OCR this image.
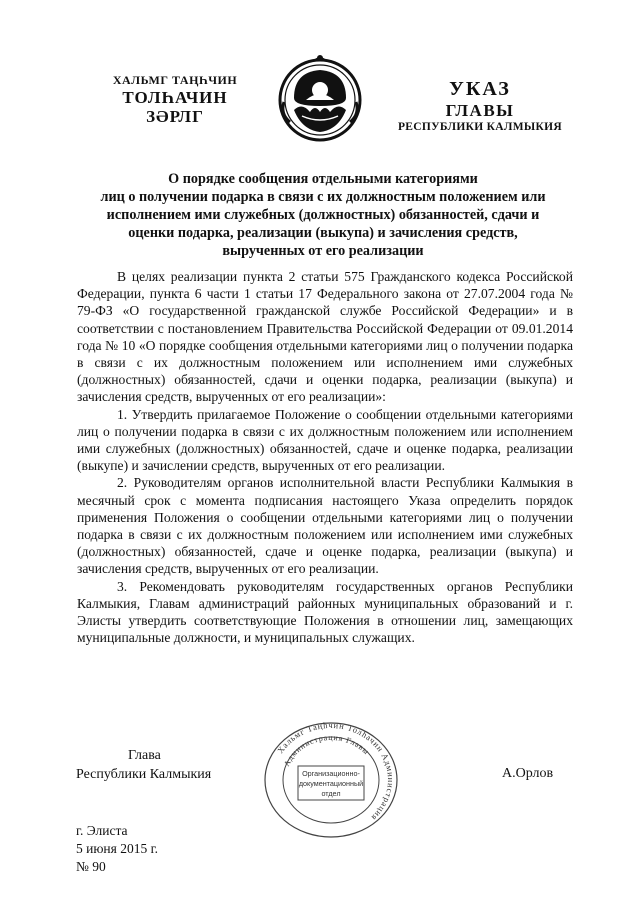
ХАЛЬМГ ТАҢҺЧИН
ТОЛҺАЧИН
ЗӘРЛГ
УКАЗ
ГЛАВЫ
РЕСПУБЛИКИ КАЛМЫКИЯ
О порядке сообщения отдельными категориями
лиц о получении подарка в связи с их должностным положением или
исполнением ими служебных (должностных) обязанностей, сдачи и
оценки подарка, реализации (выкупа) и зачисления средств,
вырученных от его реализации

В целях реализации пункта 2 статьи 575 Гражданского кодекса Российской Федерации, пункта 6 части 1 статьи 17 Федерального закона от 27.07.2004 года № 79-ФЗ «О государственной гражданской службе Российской Федерации» и в соответствии с постановлением Правительства Российской Федерации от 09.01.2014 года № 10 «О порядке сообщения отдельными категориями лиц о получении подарка в связи с их должностным положением или исполнением ими служебных (должностных) обязанностей, сдачи и оценки подарка, реализации (выкупа) и зачисления средств, вырученных от его реализации»:

1. Утвердить прилагаемое Положение о сообщении отдельными категориями лиц о получении подарка в связи с их должностным положением или исполнением ими служебных (должностных) обязанностей, сдаче и оценке подарка, реализации (выкупе) и зачислении средств, вырученных от его реализации.

2. Руководителям органов исполнительной власти Республики Калмыкия в месячный срок с момента подписания настоящего Указа определить порядок применения Положения о сообщении отдельными категориями лиц о получении подарка в связи с их должностным положением или исполнением ими служебных (должностных) обязанностей, сдаче и оценке подарка, реализации (выкупа) и зачисления средств, вырученных от его реализации.

3. Рекомендовать руководителям государственных органов Республики Калмыкия, Главам администраций районных муниципальных образований и г. Элисты утвердить соответствующие Положения в отношении лиц, замещающих муниципальные должности, и муниципальных служащих.

Глава
Республики Калмыкия
Хальмг Таңһчин Толһачин Администрация
Администрация Главы
Организационно-
документационный
отдел
А.Орлов
г. Элиста
5 июня 2015 г.
№ 90
